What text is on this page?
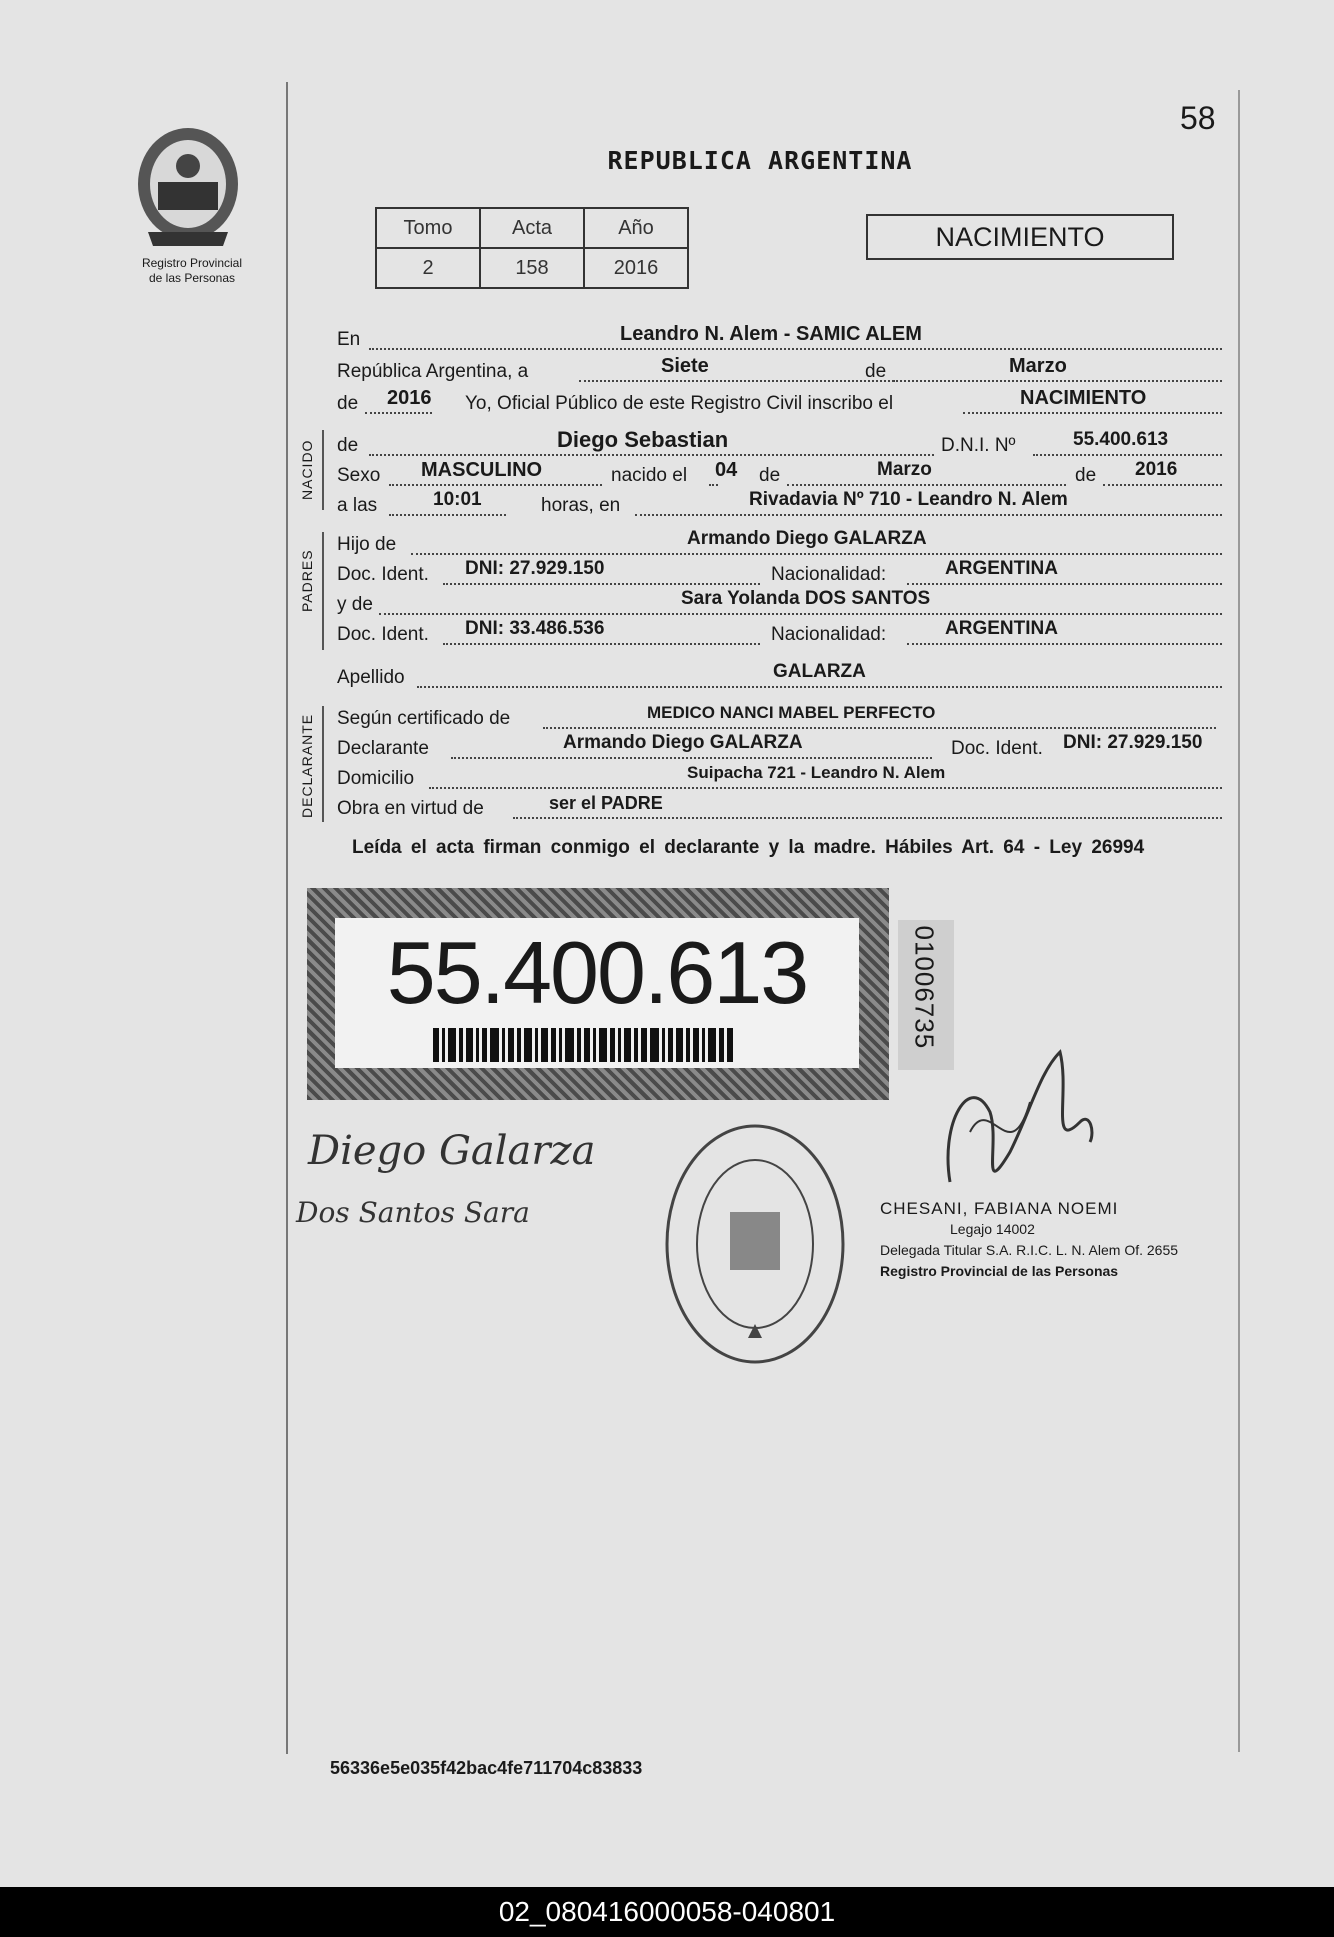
58
Registro Provincial
de las Personas
REPUBLICA ARGENTINA
Tomo	Acta	Año
2	158	2016
NACIMIENTO
En	Leandro N. Alem - SAMIC ALEM
República Argentina, a	Siete	de	Marzo
de 2016 Yo, Oficial Público de este Registro Civil inscribo el	NACIMIENTO
NACIDO de	Diego Sebastian	D.N.I. Nº	55.400.613
Sexo MASCULINO	nacido el 04 de	Marzo	de 2016
a las	10:01	horas, en	Rivadavia Nº 710 - Leandro N. Alem
PADRES
Hijo de	Armando Diego GALARZA
Doc. Ident. DNI: 27.929.150	Nacionalidad:	ARGENTINA
y de	Sara Yolanda DOS SANTOS
Doc. Ident. DNI: 33.486.536	Nacionalidad:	ARGENTINA
Apellido	GALARZA
DECLARANTE Según certificado de	MEDICO NANCI MABEL PERFECTO
Declarante	Armando Diego GALARZA	Doc. Ident. DNI: 27.929.150
Domicilio	Suipacha 721 - Leandro N. Alem
Obra en virtud de	ser el PADRE
Leída el acta firman conmigo el declarante y la madre. Hábiles Art. 64 - Ley 26994
55.400.613	01006735
Diego Galarza
Dos Santos Sara	CHESANI, FABIANA NOEMI
Legajo 14002
Delegada Titular S.A. R.I.C. L. N. Alem Of. 2655
Registro Provincial de las Personas
56336e5e035f42bac4fe711704c83833
02_080416000058-040801
